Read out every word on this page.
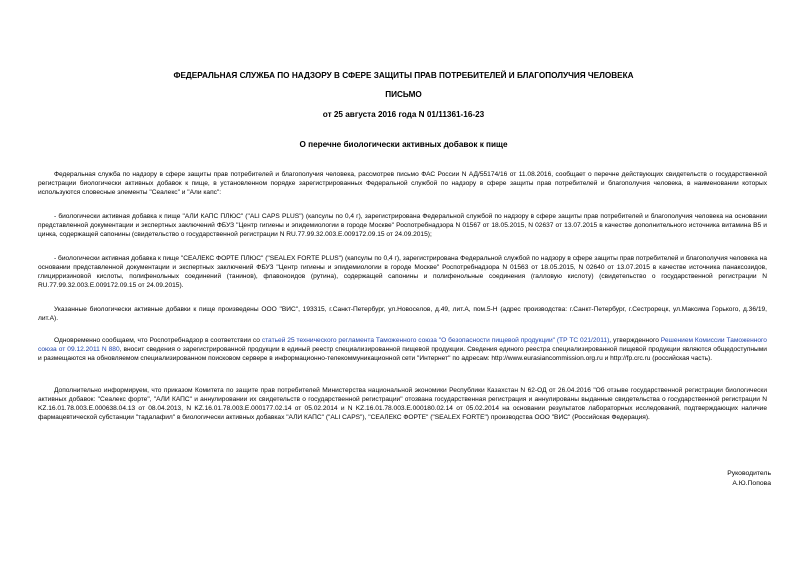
ФЕДЕРАЛЬНАЯ СЛУЖБА ПО НАДЗОРУ В СФЕРЕ ЗАЩИТЫ ПРАВ ПОТРЕБИТЕЛЕЙ И БЛАГОПОЛУЧИЯ ЧЕЛОВЕКА
ПИСЬМО
от 25 августа 2016 года N 01/11361-16-23
О перечне биологически активных добавок к пище
Федеральная служба по надзору в сфере защиты прав потребителей и благополучия человека, рассмотрев письмо ФАС России N АД/55174/16 от 11.08.2016, сообщает о перечне действующих свидетельств о государственной регистрации биологически активных добавок к пище, в установленном порядке зарегистрированных Федеральной службой по надзору в сфере защиты прав потребителей и благополучия человека, в наименовании которых используются словесные элементы "Сеалекс" и "Али капс":
- биологически активная добавка к пище "АЛИ КАПС ПЛЮС" ("ALI CAPS PLUS") (капсулы по 0,4 г), зарегистрирована Федеральной службой по надзору в сфере защиты прав потребителей и благополучия человека на основании представленной документации и экспертных заключений ФБУЗ "Центр гигиены и эпидемиологии в городе Москве" Роспотребнадзора N 01567 от 18.05.2015, N 02637 от 13.07.2015 в качестве дополнительного источника витамина В5 и цинка, содержащей сапонины (свидетельство о государственной регистрации N RU.77.99.32.003.Е.009172.09.15 от 24.09.2015);
- биологически активная добавка к пище "СЕАЛЕКС ФОРТЕ ПЛЮС" ("SEALEX FORTE PLUS") (капсулы по 0,4 г), зарегистрирована Федеральной службой по надзору в сфере защиты прав потребителей и благополучия человека на основании представленной документации и экспертных заключений ФБУЗ "Центр гигиены и эпидемиологии в городе Москве" Роспотребнадзора N 01563 от 18.05.2015, N 02640 от 13.07.2015 в качестве источника панаксозидов, глицирризиновой кислоты, полифенольных соединений (танинов), флавоноидов (рутина), содержащей сапонины и полифенольные соединения (галловую кислоту) (свидетельство о государственной регистрации N RU.77.99.32.003.Е.009172.09.15 от 24.09.2015).
Указанные биологически активные добавки к пище произведены ООО "ВИС", 193315, г.Санкт-Петербург, ул.Новоселов, д.49, лит.А, пом.5-Н (адрес производства: г.Санкт-Петербург, г.Сестрорецк, ул.Максима Горького, д.36/19, лит.А).
Одновременно сообщаем, что Роспотребнадзор в соответствии со статьей 25 технического регламента Таможенного союза "О безопасности пищевой продукции" (ТР ТС 021/2011), утвержденного Решением Комиссии Таможенного союза от 09.12.2011 N 880, вносит сведения о зарегистрированной продукции в единый реестр специализированной пищевой продукции. Сведения единого реестра специализированной пищевой продукции являются общедоступными и размещаются на обновляемом специализированном поисковом сервере в информационно-телекоммуникационной сети "Интернет" по адресам: http://www.eurasiancommission.org.ru и http://fp.crc.ru (российская часть).
Дополнительно информируем, что приказом Комитета по защите прав потребителей Министерства национальной экономики Республики Казахстан N 62-ОД от 26.04.2016 "Об отзыве государственной регистрации биологически активных добавок: "Сеалекс форте", "АЛИ КАПС" и аннулировании их свидетельств о государственной регистрации" отозвана государственная регистрация и аннулированы выданные свидетельства о государственной регистрации N KZ.16.01.78.003.Е.000638.04.13 от 08.04.2013, N KZ.16.01.78.003.Е.000177.02.14 от 05.02.2014 и N KZ.16.01.78.003.Е.000180.02.14 от 05.02.2014 на основании результатов лабораторных исследований, подтверждающих наличие фармацевтической субстанции "тадалафил" в биологически активных добавках "АЛИ КАПС" ("ALI CAPS"), "СЕАЛЕКС ФОРТЕ" ("SEALEX FORTE") производства ООО "ВИС" (Российская Федерация).
Руководитель
А.Ю.Попова
